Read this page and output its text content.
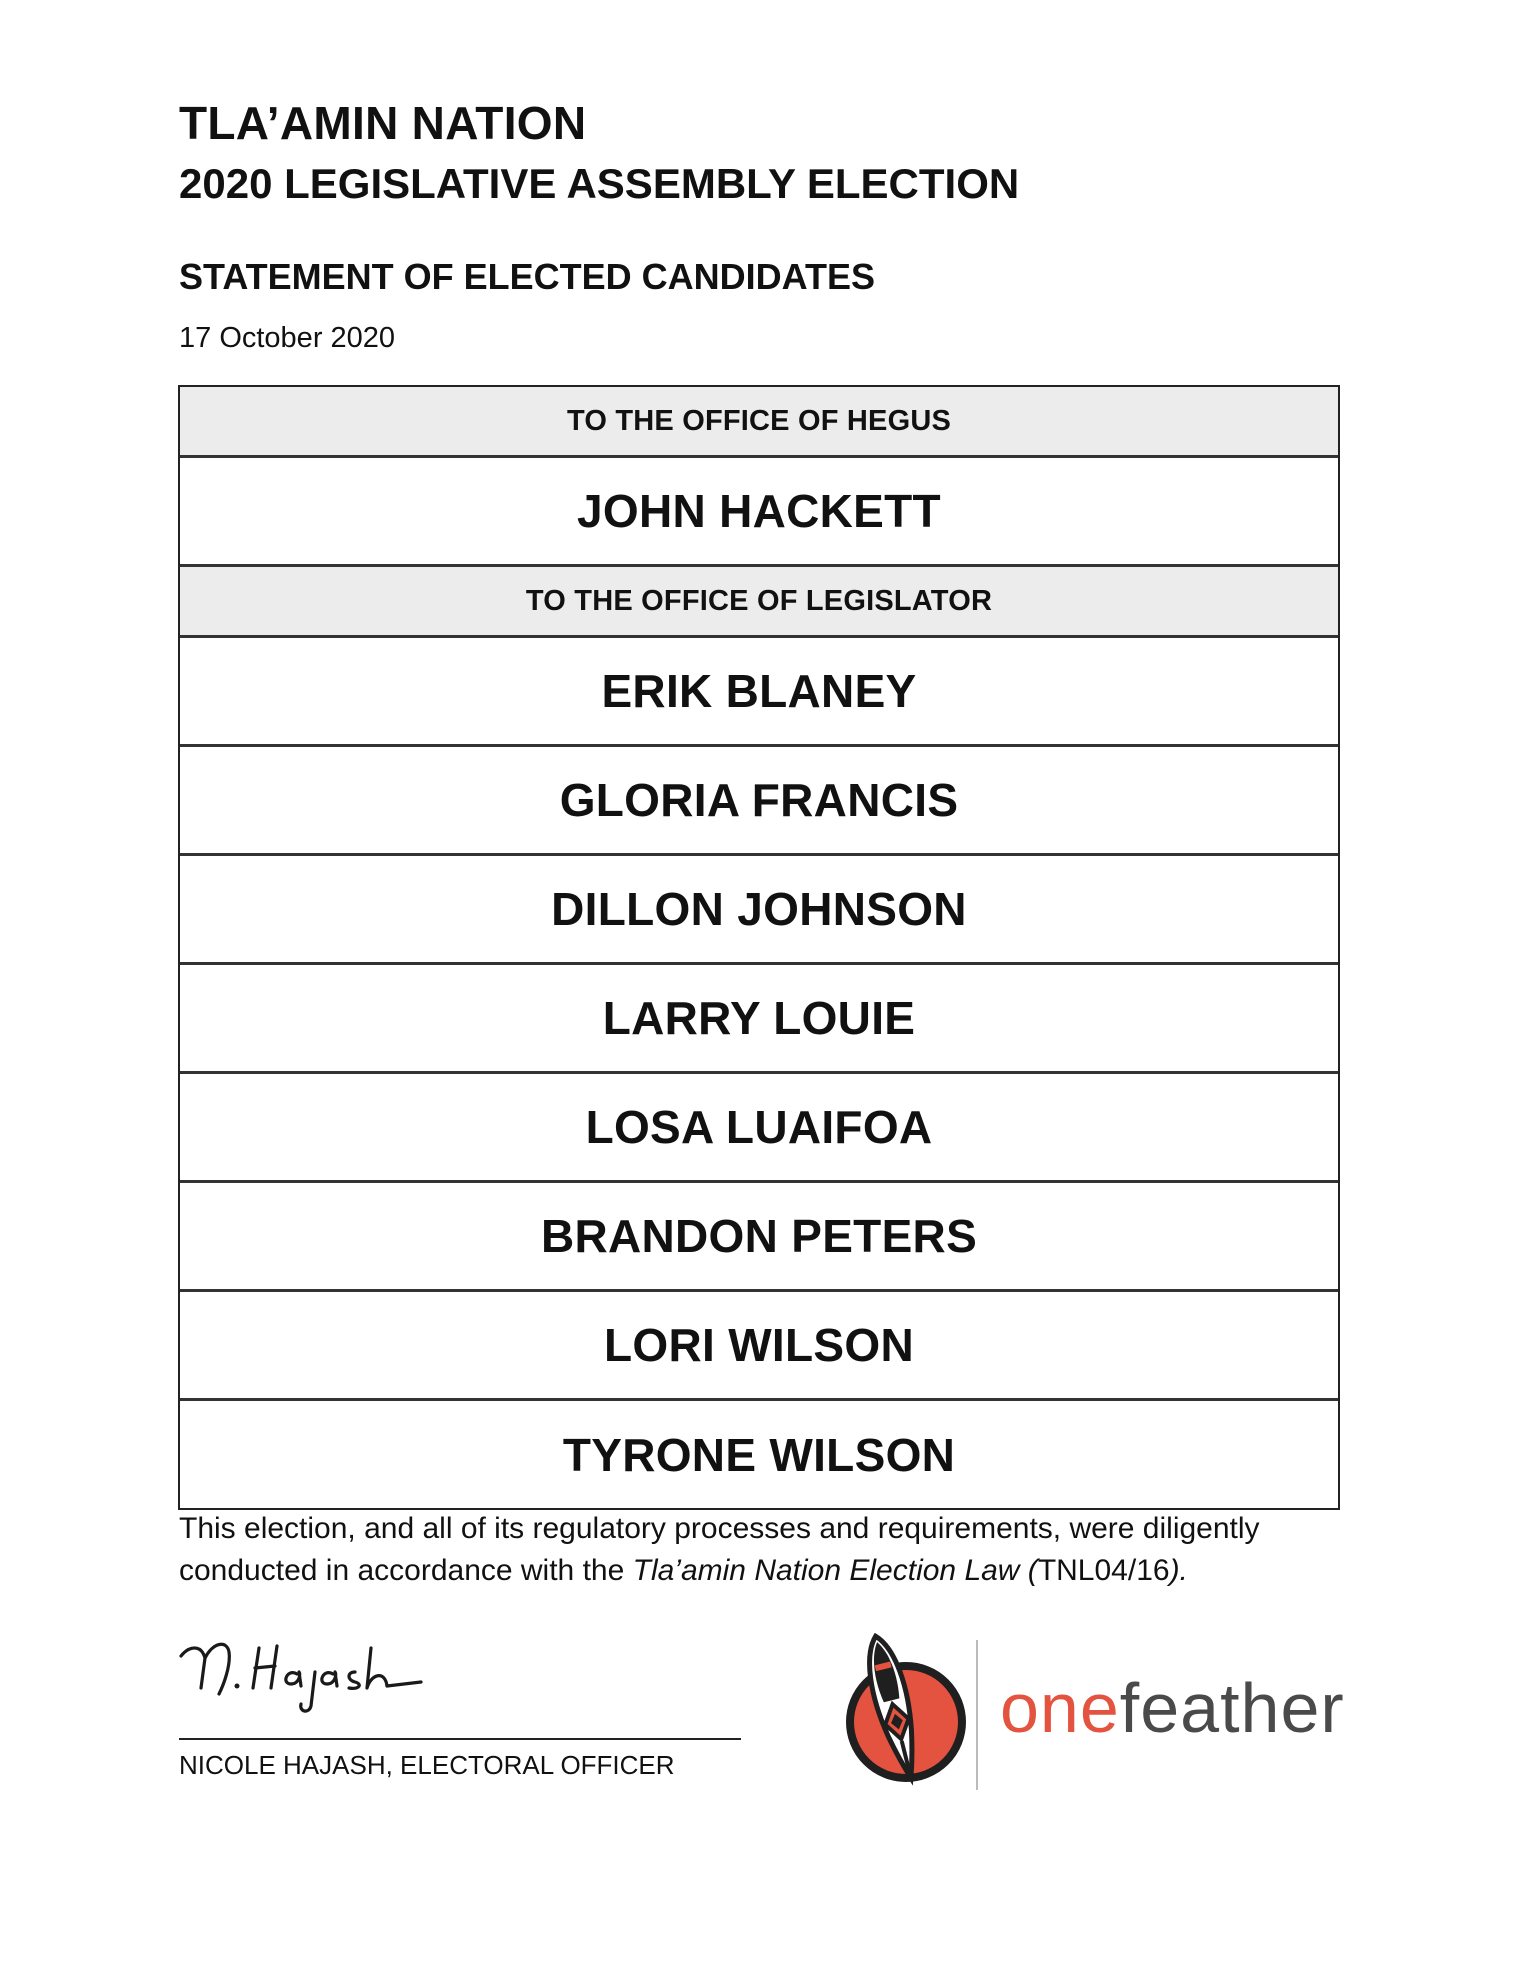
TLA’AMIN NATION
2020 LEGISLATIVE ASSEMBLY ELECTION
STATEMENT OF ELECTED CANDIDATES
17 October 2020
TO THE OFFICE OF HEGUS
JOHN HACKETT
TO THE OFFICE OF LEGISLATOR
ERIK BLANEY
GLORIA FRANCIS
DILLON JOHNSON
LARRY LOUIE
LOSA LUAIFOA
BRANDON PETERS
LORI WILSON
TYRONE WILSON
This election, and all of its regulatory processes and requirements, were diligently conducted in accordance with the Tla’amin Nation Election Law (TNL04/16).
NICOLE HAJASH, ELECTORAL OFFICER
onefeather
